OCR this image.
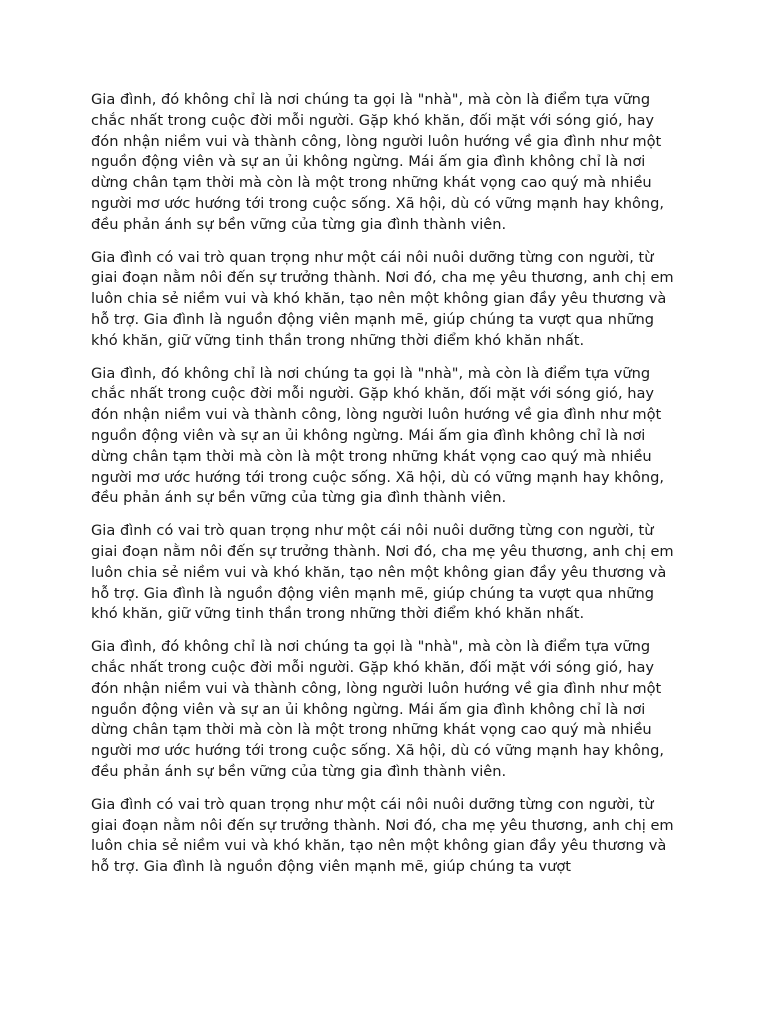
Gia đình, đó không chỉ là nơi chúng ta gọi là "nhà", mà còn là điểm tựa vững chắc nhất trong cuộc đời mỗi người. Gặp khó khăn, đối mặt với sóng gió, hay đón nhận niềm vui và thành công, lòng người luôn hướng về gia đình như một nguồn động viên và sự an ủi không ngừng. Mái ấm gia đình không chỉ là nơi dừng chân tạm thời mà còn là một trong những khát vọng cao quý mà nhiều người mơ ước hướng tới trong cuộc sống. Xã hội, dù có vững mạnh hay không, đều phản ánh sự bền vững của từng gia đình thành viên.

Gia đình có vai trò quan trọng như một cái nôi nuôi dưỡng từng con người, từ giai đoạn nằm nôi đến sự trưởng thành. Nơi đó, cha mẹ yêu thương, anh chị em luôn chia sẻ niềm vui và khó khăn, tạo nên một không gian đầy yêu thương và hỗ trợ. Gia đình là nguồn động viên mạnh mẽ, giúp chúng ta vượt qua những khó khăn, giữ vững tinh thần trong những thời điểm khó khăn nhất.

Gia đình, đó không chỉ là nơi chúng ta gọi là "nhà", mà còn là điểm tựa vững chắc nhất trong cuộc đời mỗi người. Gặp khó khăn, đối mặt với sóng gió, hay đón nhận niềm vui và thành công, lòng người luôn hướng về gia đình như một nguồn động viên và sự an ủi không ngừng. Mái ấm gia đình không chỉ là nơi dừng chân tạm thời mà còn là một trong những khát vọng cao quý mà nhiều người mơ ước hướng tới trong cuộc sống. Xã hội, dù có vững mạnh hay không, đều phản ánh sự bền vững của từng gia đình thành viên.

Gia đình có vai trò quan trọng như một cái nôi nuôi dưỡng từng con người, từ giai đoạn nằm nôi đến sự trưởng thành. Nơi đó, cha mẹ yêu thương, anh chị em luôn chia sẻ niềm vui và khó khăn, tạo nên một không gian đầy yêu thương và hỗ trợ. Gia đình là nguồn động viên mạnh mẽ, giúp chúng ta vượt qua những khó khăn, giữ vững tinh thần trong những thời điểm khó khăn nhất.

Gia đình, đó không chỉ là nơi chúng ta gọi là "nhà", mà còn là điểm tựa vững chắc nhất trong cuộc đời mỗi người. Gặp khó khăn, đối mặt với sóng gió, hay đón nhận niềm vui và thành công, lòng người luôn hướng về gia đình như một nguồn động viên và sự an ủi không ngừng. Mái ấm gia đình không chỉ là nơi dừng chân tạm thời mà còn là một trong những khát vọng cao quý mà nhiều người mơ ước hướng tới trong cuộc sống. Xã hội, dù có vững mạnh hay không, đều phản ánh sự bền vững của từng gia đình thành viên.

Gia đình có vai trò quan trọng như một cái nôi nuôi dưỡng từng con người, từ giai đoạn nằm nôi đến sự trưởng thành. Nơi đó, cha mẹ yêu thương, anh chị em luôn chia sẻ niềm vui và khó khăn, tạo nên một không gian đầy yêu thương và hỗ trợ. Gia đình là nguồn động viên mạnh mẽ, giúp chúng ta vượt
